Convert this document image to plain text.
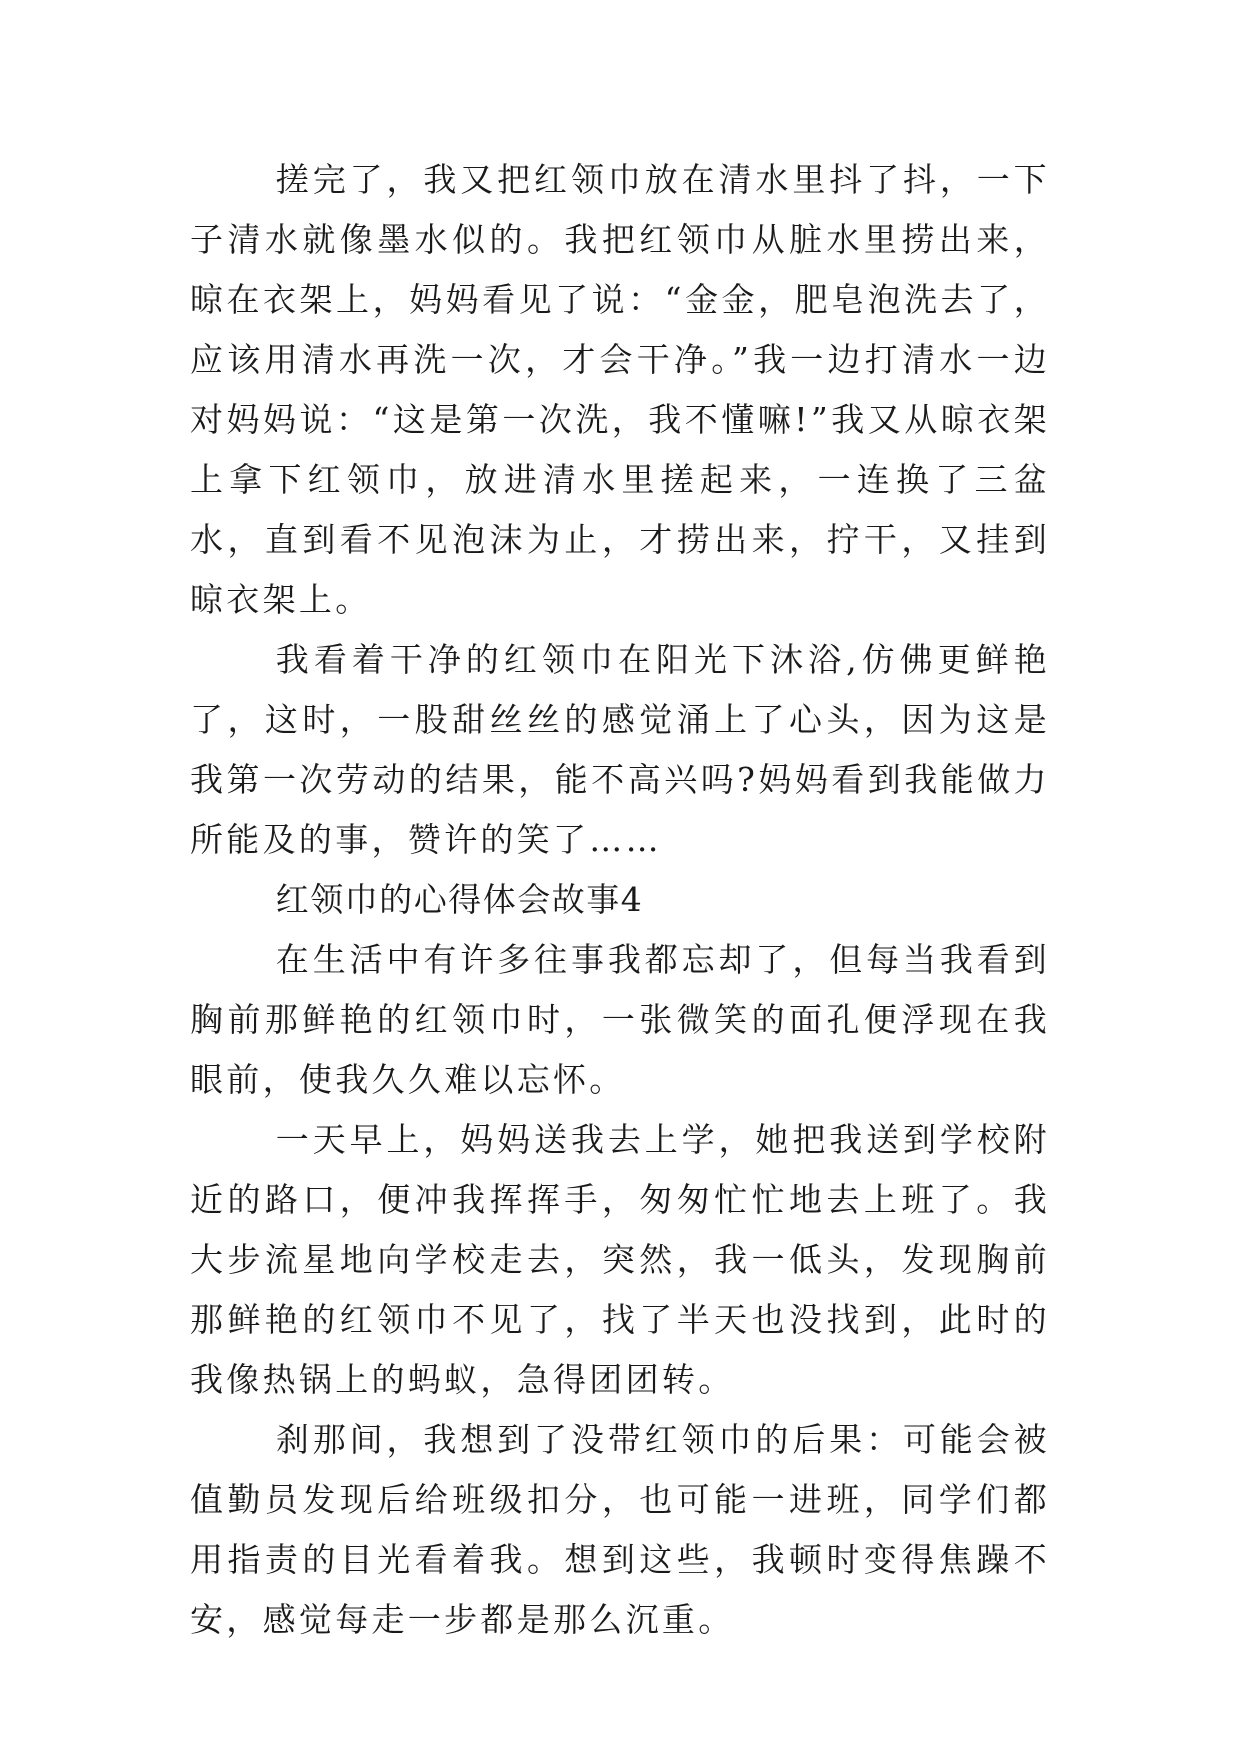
搓完了，我又把红领巾放在清水里抖了抖，一下子清水就像墨水似的。我把红领巾从脏水里捞出来，晾在衣架上，妈妈看见了说：“金金，肥皂泡洗去了，应该用清水再洗一次，才会干净。”我一边打清水一边对妈妈说：“这是第一次洗，我不懂嘛!”我又从晾衣架上拿下红领巾，放进清水里搓起来，一连换了三盆水，直到看不见泡沫为止，才捞出来，拧干，又挂到晾衣架上。

我看着干净的红领巾在阳光下沐浴,仿佛更鲜艳了，这时，一股甜丝丝的感觉涌上了心头，因为这是我第一次劳动的结果，能不高兴吗?妈妈看到我能做力所能及的事，赞许的笑了……

红领巾的心得体会故事4

在生活中有许多往事我都忘却了，但每当我看到胸前那鲜艳的红领巾时，一张微笑的面孔便浮现在我眼前，使我久久难以忘怀。

一天早上，妈妈送我去上学，她把我送到学校附近的路口，便冲我挥挥手，匆匆忙忙地去上班了。我大步流星地向学校走去，突然，我一低头，发现胸前那鲜艳的红领巾不见了，找了半天也没找到，此时的我像热锅上的蚂蚁，急得团团转。

刹那间，我想到了没带红领巾的后果：可能会被值勤员发现后给班级扣分，也可能一进班，同学们都用指责的目光看着我。想到这些，我顿时变得焦躁不安，感觉每走一步都是那么沉重。
